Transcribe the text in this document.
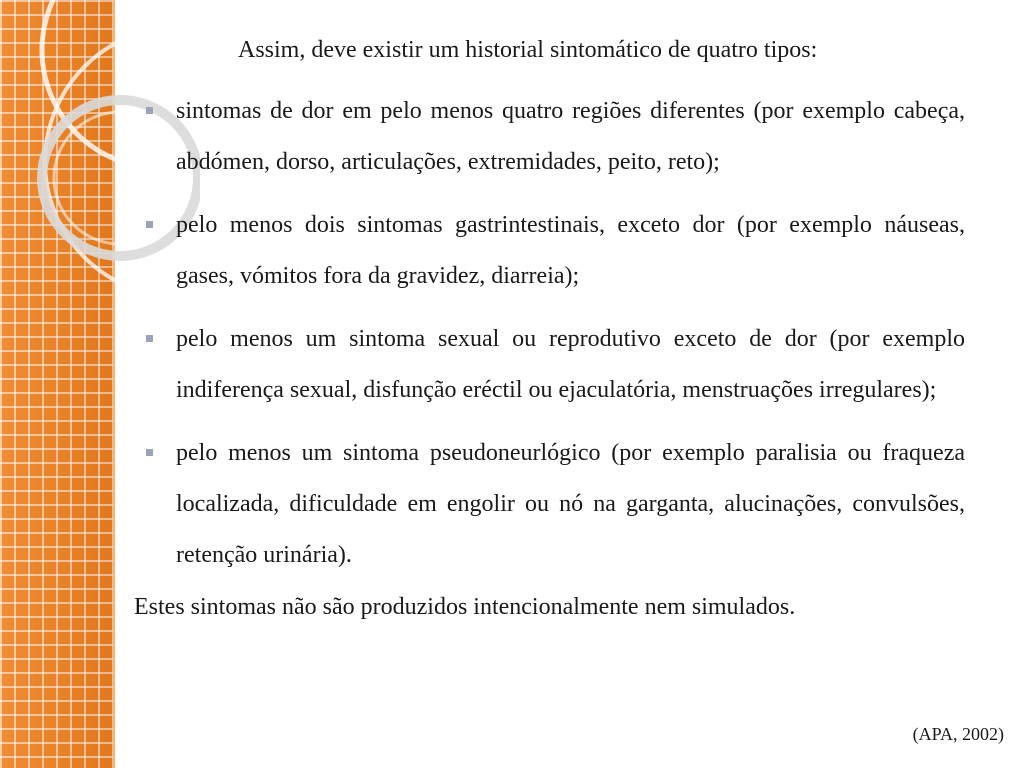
Assim, deve existir um historial sintomático de quatro tipos:

sintomas de dor em pelo menos quatro regiões diferentes (por exemplo cabeça, abdómen, dorso, articulações, extremidades, peito, reto);
pelo menos dois sintomas gastrintestinais, exceto dor (por exemplo náuseas, gases, vómitos fora da gravidez, diarreia);
pelo menos um sintoma sexual ou reprodutivo exceto de dor (por exemplo indiferença sexual, disfunção eréctil ou ejaculatória, menstruações irregulares);
pelo menos um sintoma pseudoneurlógico (por exemplo paralisia ou fraqueza localizada, dificuldade em engolir ou nó na garganta, alucinações, convulsões, retenção urinária).

Estes sintomas não são produzidos intencionalmente nem simulados.

(APA, 2002)
